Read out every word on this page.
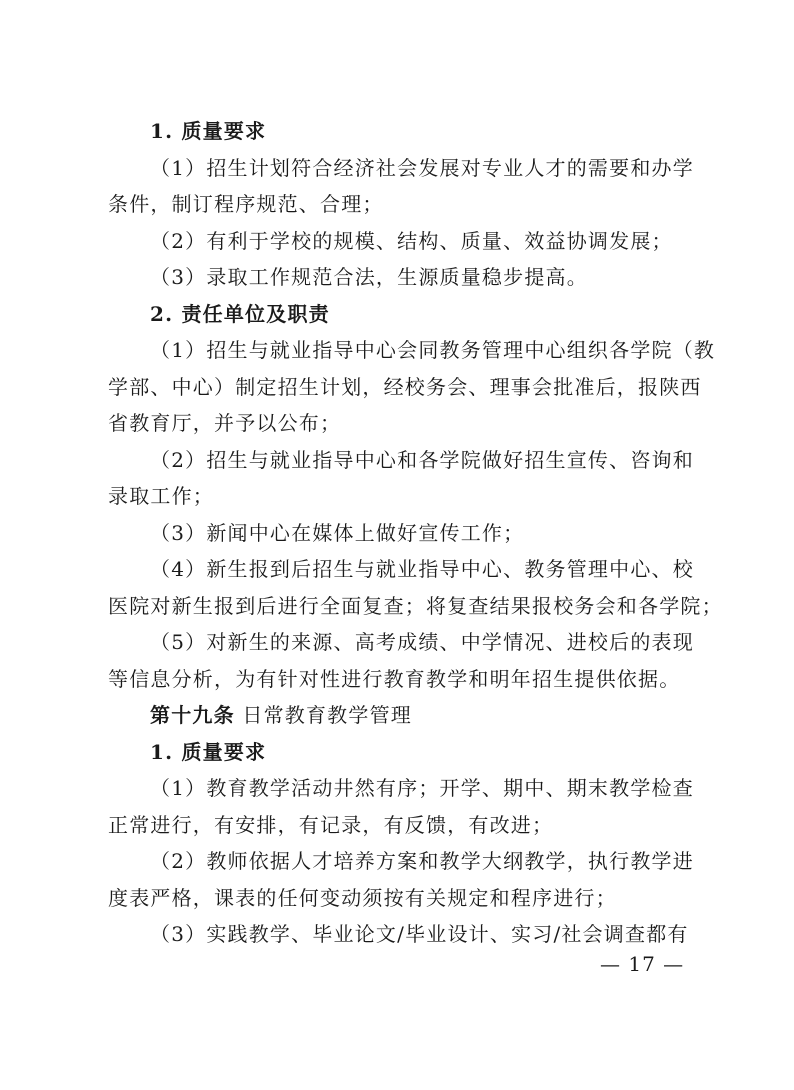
1. 质量要求
（1）招生计划符合经济社会发展对专业人才的需要和办学
条件，制订程序规范、合理；
（2）有利于学校的规模、结构、质量、效益协调发展；
（3）录取工作规范合法，生源质量稳步提高。
2. 责任单位及职责
（1）招生与就业指导中心会同教务管理中心组织各学院（教
学部、中心）制定招生计划，经校务会、理事会批准后，报陕西
省教育厅，并予以公布；
（2）招生与就业指导中心和各学院做好招生宣传、咨询和
录取工作；
（3）新闻中心在媒体上做好宣传工作；
（4）新生报到后招生与就业指导中心、教务管理中心、校
医院对新生报到后进行全面复查；将复查结果报校务会和各学院；
（5）对新生的来源、高考成绩、中学情况、进校后的表现
等信息分析，为有针对性进行教育教学和明年招生提供依据。
第十九条 日常教育教学管理
1. 质量要求
（1）教育教学活动井然有序；开学、期中、期末教学检查
正常进行，有安排，有记录，有反馈，有改进；
（2）教师依据人才培养方案和教学大纲教学，执行教学进
度表严格，课表的任何变动须按有关规定和程序进行；
（3）实践教学、毕业论文/毕业设计、实习/社会调查都有
— 17 —
